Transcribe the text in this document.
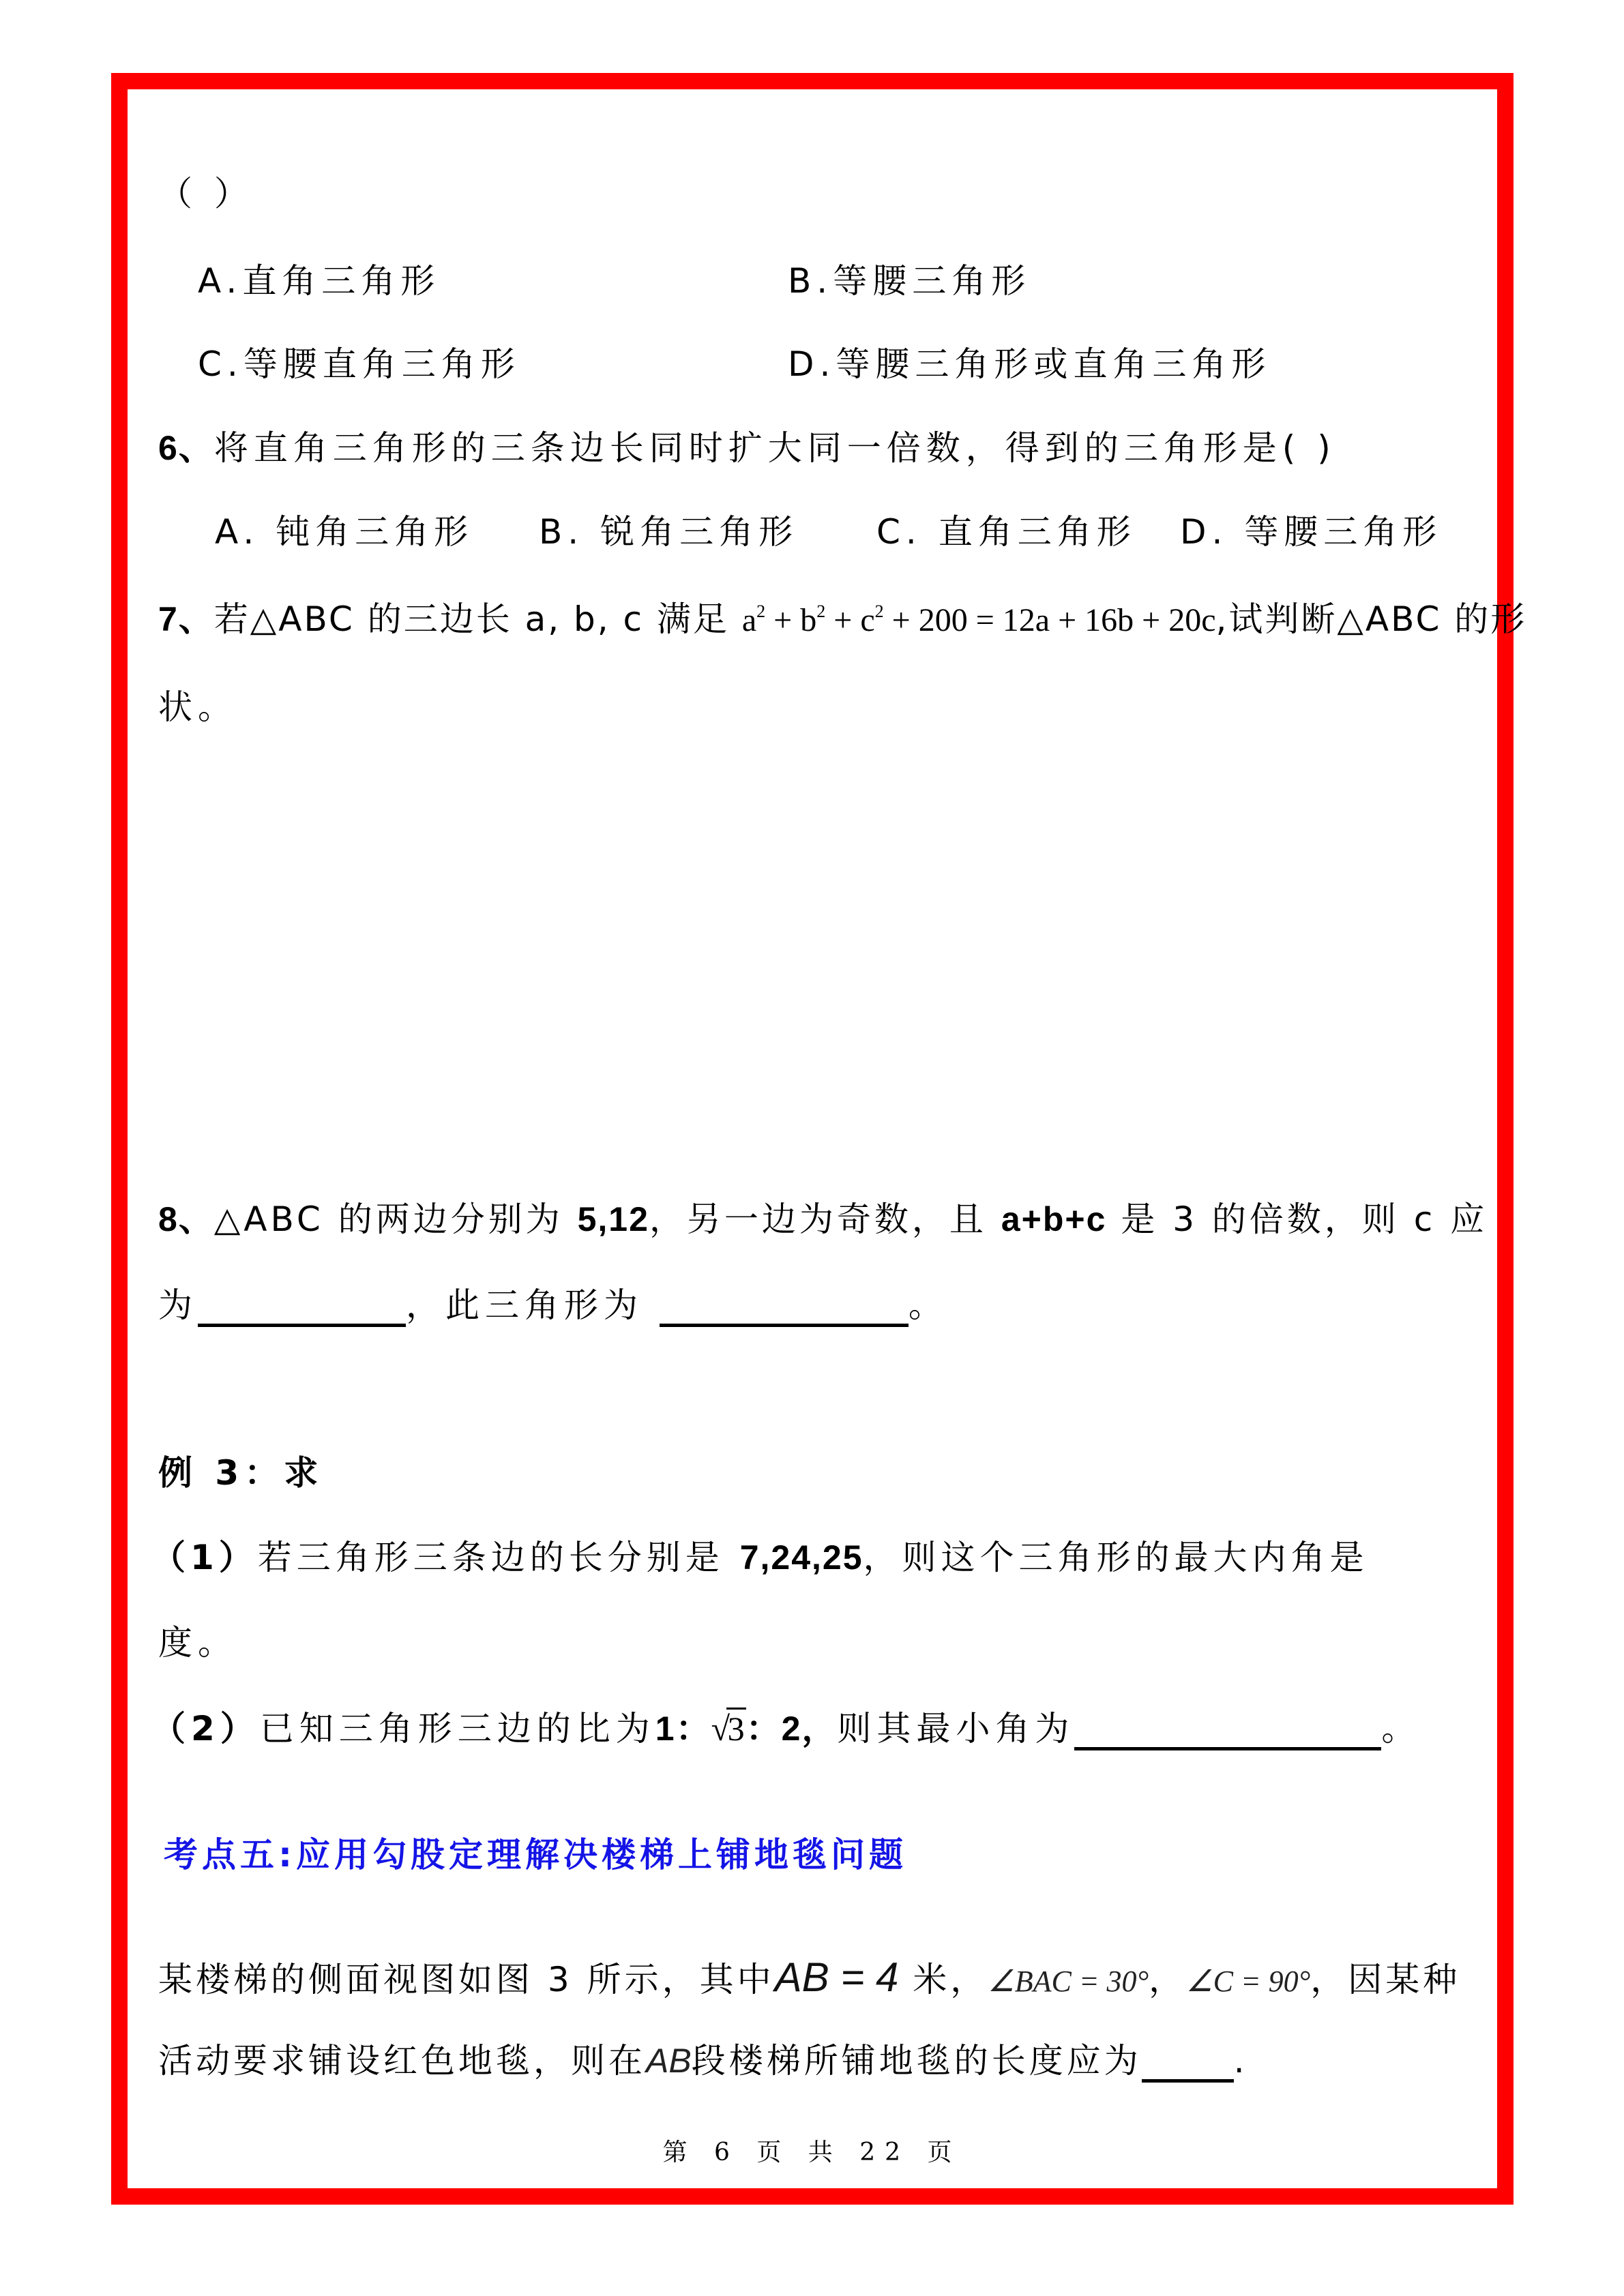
（ ）
A.直角三角形	B.等腰三角形
C.等腰直角三角形	D.等腰三角形或直角三角形
6、将直角三角形的三条边长同时扩大同一倍数，得到的三角形是( )
A. 钝角三角形 B. 锐角三角形 C. 直角三角形 D. 等腰三角形
7、若△ABC 的三边长 a, b, c 满足 $a^2 + b^2 + c^2 + 200 = 12a + 16b + 20c$,试判断△ABC 的形
状。
8、△ABC 的两边分别为 5,12，另一边为奇数，且 a+b+c 是 3 的倍数，则 c 应
为	，此三角形为	。
例 3：求
（1）若三角形三条边的长分别是 7,24,25，则这个三角形的最大内角是
度。
（2）已知三角形三边的比为1： √ 3：2，则其最小角为	。
考点五:应用勾股定理解决楼梯上铺地毯问题
某楼梯的侧面视图如图 3 所示，其中AB = 4 米，∠BAC = 30°，∠C = 90°，因某种
活动要求铺设红色地毯，则在AB段楼梯所铺地毯的长度应为	.
第 6 页 共 22 页
